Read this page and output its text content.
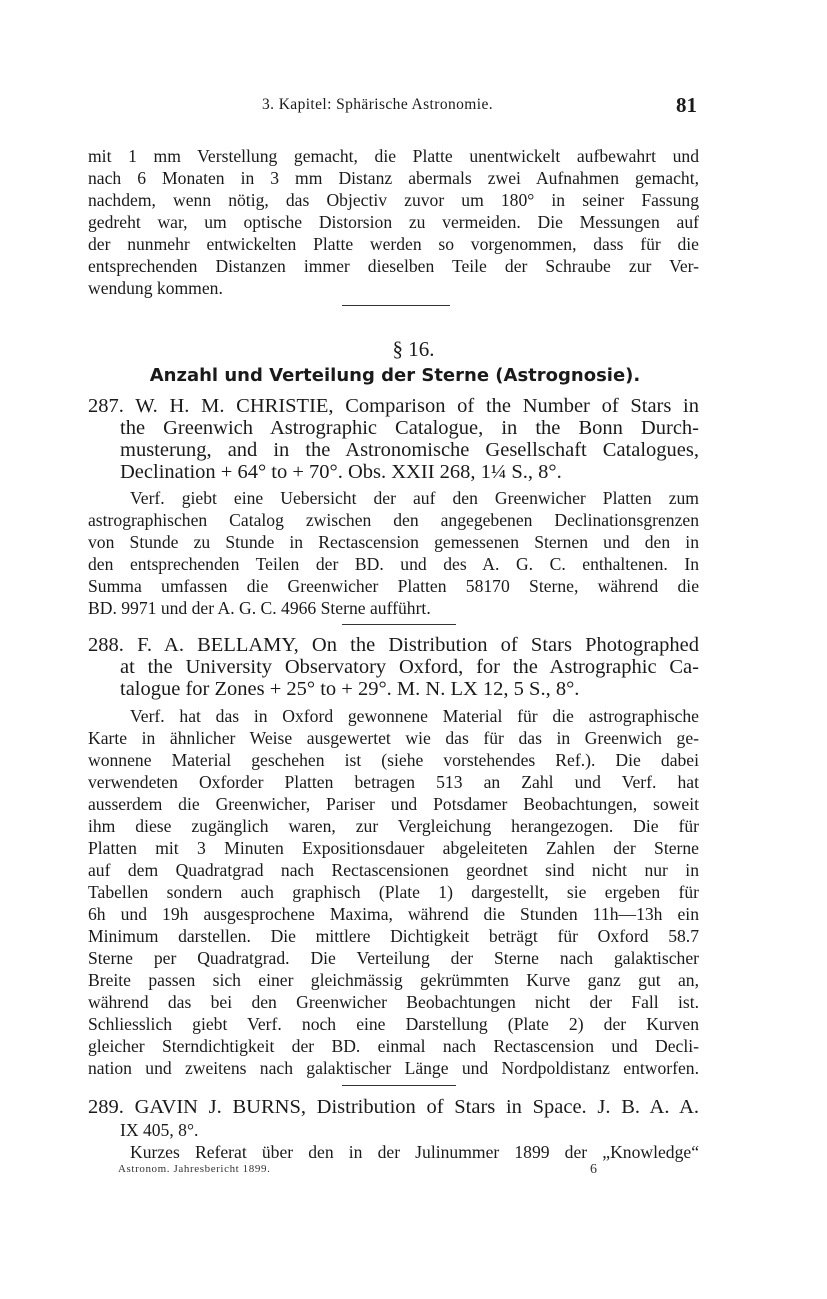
3. Kapitel: Sphärische Astronomie.	81
mit 1 mm Verstellung gemacht, die Platte unentwickelt aufbewahrt und
nach 6 Monaten in 3 mm Distanz abermals zwei Aufnahmen gemacht,
nachdem, wenn nötig, das Objectiv zuvor um 180° in seiner Fassung
gedreht war, um optische Distorsion zu vermeiden. Die Messungen auf
der nunmehr entwickelten Platte werden so vorgenommen, dass für die
entsprechenden Distanzen immer dieselben Teile der Schraube zur Ver-
wendung kommen.
§ 16.
Anzahl und Verteilung der Sterne (Astrognosie).
287. W. H. M. CHRISTIE, Comparison of the Number of Stars in
the Greenwich Astrographic Catalogue, in the Bonn Durch-
musterung, and in the Astronomische Gesellschaft Catalogues,
Declination + 64° to + 70°. Obs. XXII 268, 1¼ S., 8°.
Verf. giebt eine Uebersicht der auf den Greenwicher Platten zum
astrographischen Catalog zwischen den angegebenen Declinationsgrenzen
von Stunde zu Stunde in Rectascension gemessenen Sternen und den in
den entsprechenden Teilen der BD. und des A. G. C. enthaltenen. In
Summa umfassen die Greenwicher Platten 58170 Sterne, während die
BD. 9971 und der A. G. C. 4966 Sterne aufführt.
288. F. A. BELLAMY, On the Distribution of Stars Photographed
at the University Observatory Oxford, for the Astrographic Ca-
talogue for Zones + 25° to + 29°. M. N. LX 12, 5 S., 8°.
Verf. hat das in Oxford gewonnene Material für die astrographische
Karte in ähnlicher Weise ausgewertet wie das für das in Greenwich ge-
wonnene Material geschehen ist (siehe vorstehendes Ref.). Die dabei
verwendeten Oxforder Platten betragen 513 an Zahl und Verf. hat
ausserdem die Greenwicher, Pariser und Potsdamer Beobachtungen, soweit
ihm diese zugänglich waren, zur Vergleichung herangezogen. Die für
Platten mit 3 Minuten Expositionsdauer abgeleiteten Zahlen der Sterne
auf dem Quadratgrad nach Rectascensionen geordnet sind nicht nur in
Tabellen sondern auch graphisch (Plate 1) dargestellt, sie ergeben für
6h und 19h ausgesprochene Maxima, während die Stunden 11h—13h ein
Minimum darstellen. Die mittlere Dichtigkeit beträgt für Oxford 58.7
Sterne per Quadratgrad. Die Verteilung der Sterne nach galaktischer
Breite passen sich einer gleichmässig gekrümmten Kurve ganz gut an,
während das bei den Greenwicher Beobachtungen nicht der Fall ist.
Schliesslich giebt Verf. noch eine Darstellung (Plate 2) der Kurven
gleicher Sterndichtigkeit der BD. einmal nach Rectascension und Decli-
nation und zweitens nach galaktischer Länge und Nordpoldistanz entworfen.
289. GAVIN J. BURNS, Distribution of Stars in Space. J. B. A. A.
IX 405, 8°.
Kurzes Referat über den in der Julinummer 1899 der „Knowledge“
Astronom. Jahresbericht 1899.	6
